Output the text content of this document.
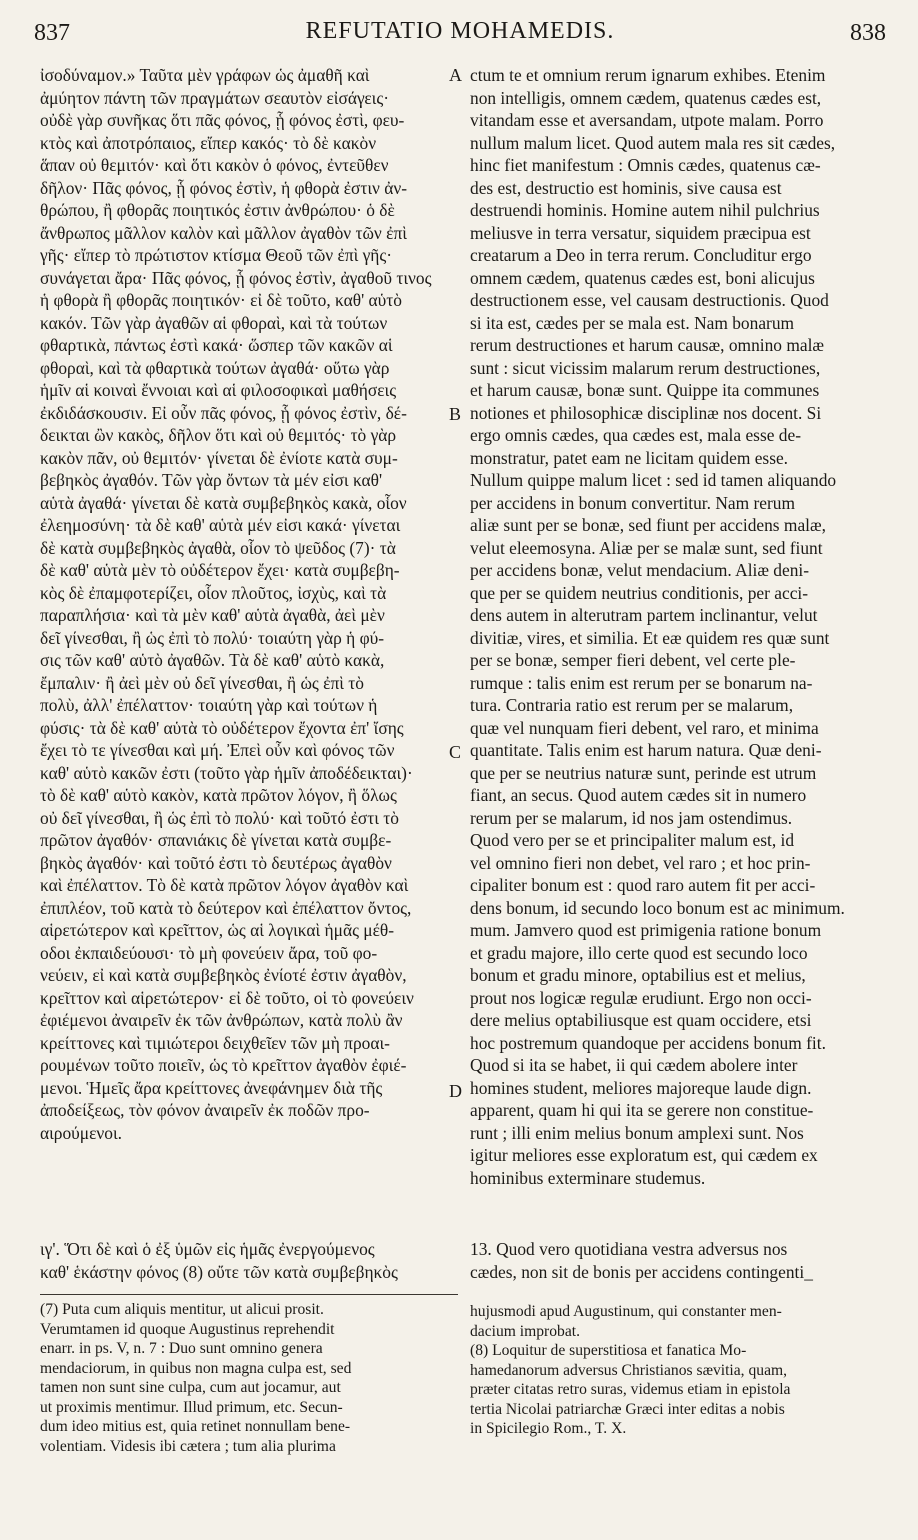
837	REFUTATIO MOHAMEDIS.	838
ἰσοδύναμον.» Ταῦτα μὲν γράφων ὡς ἀμαθῆ καὶ
ἀμύητον πάντη τῶν πραγμάτων σεαυτὸν εἰσάγεις·
οὐδὲ γὰρ συνῆκας ὅτι πᾶς φόνος, ᾗ φόνος ἐστὶ, φευ-
κτὸς καὶ ἀποτρόπαιος, εἴπερ κακός· τὸ δὲ κακὸν
ἅπαν οὐ θεμιτόν· καὶ ὅτι κακὸν ὁ φόνος, ἐντεῦθεν
δῆλον· Πᾶς φόνος, ᾗ φόνος ἐστὶν, ἡ φθορὰ ἐστιν ἀν-
θρώπου, ἢ φθορᾶς ποιητικός ἐστιν ἀνθρώπου· ὁ δὲ
ἄνθρωπος μᾶλλον καλὸν καὶ μᾶλλον ἀγαθὸν τῶν ἐπὶ
γῆς· εἴπερ τὸ πρώτιστον κτίσμα Θεοῦ τῶν ἐπὶ γῆς·
συνάγεται ἄρα· Πᾶς φόνος, ᾗ φόνος ἐστὶν, ἀγαθοῦ τινος
ἡ φθορὰ ἢ φθορᾶς ποιητικόν· εἰ δὲ τοῦτο, καθ' αὑτὸ
κακόν. Τῶν γὰρ ἀγαθῶν αἱ φθοραὶ, καὶ τὰ τούτων
φθαρτικὰ, πάντως ἐστὶ κακά· ὥσπερ τῶν κακῶν αἱ
φθοραὶ, καὶ τὰ φθαρτικὰ τούτων ἀγαθά· οὕτω γὰρ
ἡμῖν αἱ κοιναὶ ἔννοιαι καὶ αἱ φιλοσοφικαὶ μαθήσεις
ἐκδιδάσκουσιν. Εἰ οὖν πᾶς φόνος, ᾗ φόνος ἐστὶν, δέ-
δεικται ὢν κακὸς, δῆλον ὅτι καὶ οὐ θεμιτός· τὸ γὰρ
κακὸν πᾶν, οὐ θεμιτόν· γίνεται δὲ ἐνίοτε κατὰ συμ-
βεβηκὸς ἀγαθόν. Τῶν γὰρ ὄντων τὰ μέν εἰσι καθ'
αὑτὰ ἀγαθά· γίνεται δὲ κατὰ συμβεβηκὸς κακὰ, οἷον
ἐλεημοσύνη· τὰ δὲ καθ' αὑτὰ μέν εἰσι κακά· γίνεται
δὲ κατὰ συμβεβηκὸς ἀγαθὰ, οἷον τὸ ψεῦδος (7)· τὰ
δὲ καθ' αὑτὰ μὲν τὸ οὐδέτερον ἔχει· κατὰ συμβεβη-
κὸς δὲ ἐπαμφοτερίζει, οἷον πλοῦτος, ἰσχὺς, καὶ τὰ
παραπλήσια· καὶ τὰ μὲν καθ' αὑτὰ ἀγαθὰ, ἀεὶ μὲν
δεῖ γίνεσθαι, ἢ ὡς ἐπὶ τὸ πολύ· τοιαύτη γὰρ ἡ φύ-
σις τῶν καθ' αὑτὸ ἀγαθῶν. Τὰ δὲ καθ' αὑτὸ κακὰ,
ἔμπαλιν· ἢ ἀεὶ μὲν οὐ δεῖ γίνεσθαι, ἢ ὡς ἐπὶ τὸ
πολὺ, ἀλλ' ἐπέλαττον· τοιαύτη γὰρ καὶ τούτων ἡ
φύσις· τὰ δὲ καθ' αὑτὰ τὸ οὐδέτερον ἔχοντα ἐπ' ἴσης
ἔχει τὸ τε γίνεσθαι καὶ μή. Ἐπεὶ οὖν καὶ φόνος τῶν
καθ' αὑτὸ κακῶν ἐστι (τοῦτο γὰρ ἡμῖν ἀποδέδεικται)·
τὸ δὲ καθ' αὑτὸ κακὸν, κατὰ πρῶτον λόγον, ἢ ὅλως
οὐ δεῖ γίνεσθαι, ἢ ὡς ἐπὶ τὸ πολύ· καὶ τοῦτό ἐστι τὸ
πρῶτον ἀγαθόν· σπανιάκις δὲ γίνεται κατὰ συμβε-
βηκὸς ἀγαθόν· καὶ τοῦτό ἐστι τὸ δευτέρως ἀγαθὸν
καὶ ἐπέλαττον. Τὸ δὲ κατὰ πρῶτον λόγον ἀγαθὸν καὶ
ἐπιπλέον, τοῦ κατὰ τὸ δεύτερον καὶ ἐπέλαττον ὄντος,
αἱρετώτερον καὶ κρεῖττον, ὡς αἱ λογικαὶ ἡμᾶς μέθ-
οδοι ἐκπαιδεύουσι· τὸ μὴ φονεύειν ἄρα, τοῦ φο-
νεύειν, εἰ καὶ κατὰ συμβεβηκὸς ἐνίοτέ ἐστιν ἀγαθὸν,
κρεῖττον καὶ αἱρετώτερον· εἰ δὲ τοῦτο, οἱ τὸ φονεύειν
ἐφιέμενοι ἀναιρεῖν ἐκ τῶν ἀνθρώπων, κατὰ πολὺ ἂν
κρείττονες καὶ τιμιώτεροι δειχθεῖεν τῶν μὴ προαι-
ρουμένων τοῦτο ποιεῖν, ὡς τὸ κρεῖττον ἀγαθὸν ἐφιέ-
μενοι. Ἡμεῖς ἄρα κρείττονες ἀνεφάνημεν διὰ τῆς
ἀποδείξεως, τὸν φόνον ἀναιρεῖν ἐκ ποδῶν προ-
αιρούμενοι.
ctum te et omnium rerum ignarum exhibes. Etenim
non intelligis, omnem cædem, quatenus cædes est,
vitandam esse et aversandam, utpote malam. Porro
nullum malum licet. Quod autem mala res sit cædes,
hinc fiet manifestum : Omnis cædes, quatenus cæ-
des est, destructio est hominis, sive causa est
destruendi hominis. Homine autem nihil pulchrius
meliusve in terra versatur, siquidem præcipua est
creatarum a Deo in terra rerum. Concluditur ergo
omnem cædem, quatenus cædes est, boni alicujus
destructionem esse, vel causam destructionis. Quod
si ita est, cædes per se mala est. Nam bonarum
rerum destructiones et harum causæ, omnino malæ
sunt : sicut vicissim malarum rerum destructiones,
et harum causæ, bonæ sunt. Quippe ita communes
notiones et philosophicæ disciplinæ nos docent. Si
ergo omnis cædes, qua cædes est, mala esse de-
monstratur, patet eam ne licitam quidem esse.
Nullum quippe malum licet : sed id tamen aliquando
per accidens in bonum convertitur. Nam rerum
aliæ sunt per se bonæ, sed fiunt per accidens malæ,
velut eleemosyna. Aliæ per se malæ sunt, sed fiunt
per accidens bonæ, velut mendacium. Aliæ deni-
que per se quidem neutrius conditionis, per acci-
dens autem in alterutram partem inclinantur, velut
divitiæ, vires, et similia. Et eæ quidem res quæ sunt
per se bonæ, semper fieri debent, vel certe ple-
rumque : talis enim est rerum per se bonarum na-
tura. Contraria ratio est rerum per se malarum,
quæ vel nunquam fieri debent, vel raro, et minima
quantitate. Talis enim est harum natura. Quæ deni-
que per se neutrius naturæ sunt, perinde est utrum
fiant, an secus. Quod autem cædes sit in numero
rerum per se malarum, id nos jam ostendimus.
Quod vero per se et principaliter malum est, id
vel omnino fieri non debet, vel raro ; et hoc prin-
cipaliter bonum est : quod raro autem fit per acci-
dens bonum, id secundo loco bonum est ac minimum.
mum. Jamvero quod est primigenia ratione bonum
et gradu majore, illo certe quod est secundo loco
bonum et gradu minore, optabilius est et melius,
prout nos logicæ regulæ erudiunt. Ergo non occi-
dere melius optabiliusque est quam occidere, etsi
hoc postremum quandoque per accidens bonum fit.
Quod si ita se habet, ii qui cædem abolere inter
homines student, meliores majoreque laude dign.
apparent, quam hi qui ita se gerere non constitue-
runt ; illi enim melius bonum amplexi sunt. Nos
igitur meliores esse exploratum est, qui cædem ex
hominibus exterminare studemus.
A
B
C
D
ιγ'. Ὅτι δὲ καὶ ὁ ἐξ ὑμῶν εἰς ἡμᾶς ἐνεργούμενος
καθ' ἑκάστην φόνος (8) οὔτε τῶν κατὰ συμβεβηκὸς
13. Quod vero quotidiana vestra adversus nos
cædes, non sit de bonis per accidens contingenti_
(7) Puta cum aliquis mentitur, ut alicui prosit.
Verumtamen id quoque Augustinus reprehendit
enarr. in ps. V, n. 7 : Duo sunt omnino genera
mendaciorum, in quibus non magna culpa est, sed
tamen non sunt sine culpa, cum aut jocamur, aut
ut proximis mentimur. Illud primum, etc. Secun-
dum ideo mitius est, quia retinet nonnullam bene-
volentiam. Videsis ibi cætera ; tum alia plurima
hujusmodi apud Augustinum, qui constanter men-
dacium improbat.
(8) Loquitur de superstitiosa et fanatica Mo-
hamedanorum adversus Christianos sævitia, quam,
præter citatas retro suras, videmus etiam in epistola
tertia Nicolai patriarchæ Græci inter editas a nobis
in Spicilegio Rom., T. X.
